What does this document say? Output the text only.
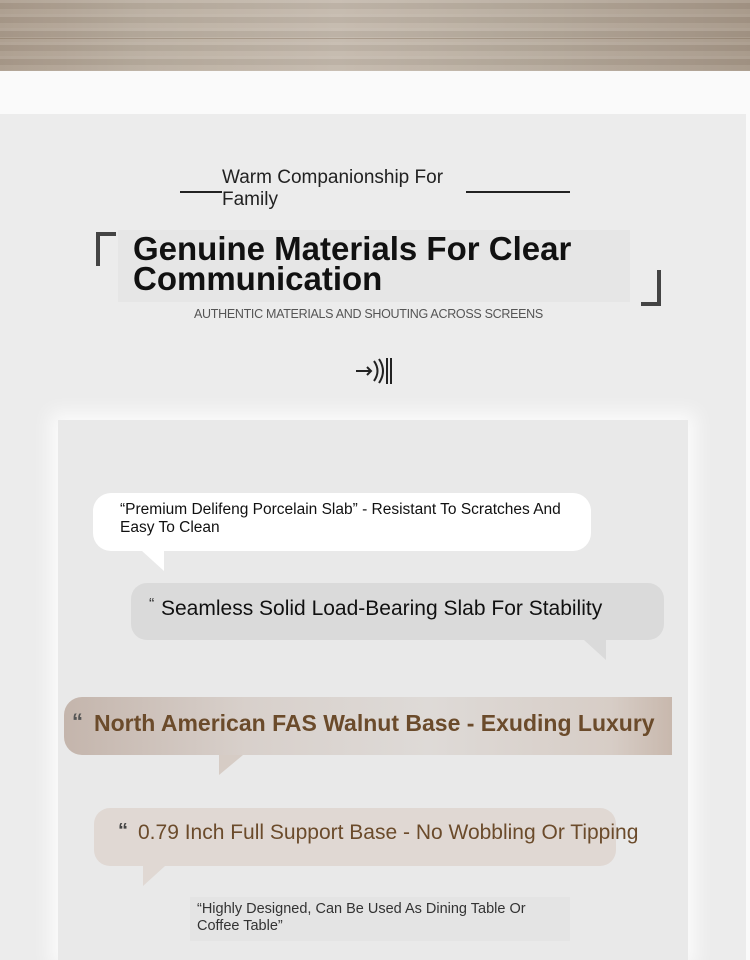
Warm Companionship For Family
Genuine Materials For Clear Communication
AUTHENTIC MATERIALS AND SHOUTING ACROSS SCREENS
“Premium Delifeng Porcelain Slab” - Resistant To Scratches And Easy To Clean
Seamless Solid Load-Bearing Slab For Stability
“
“ North American FAS Walnut Base - Exuding Luxury
“ 0.79 Inch Full Support Base - No Wobbling Or Tipping
“Highly Designed, Can Be Used As Dining Table Or Coffee Table”
